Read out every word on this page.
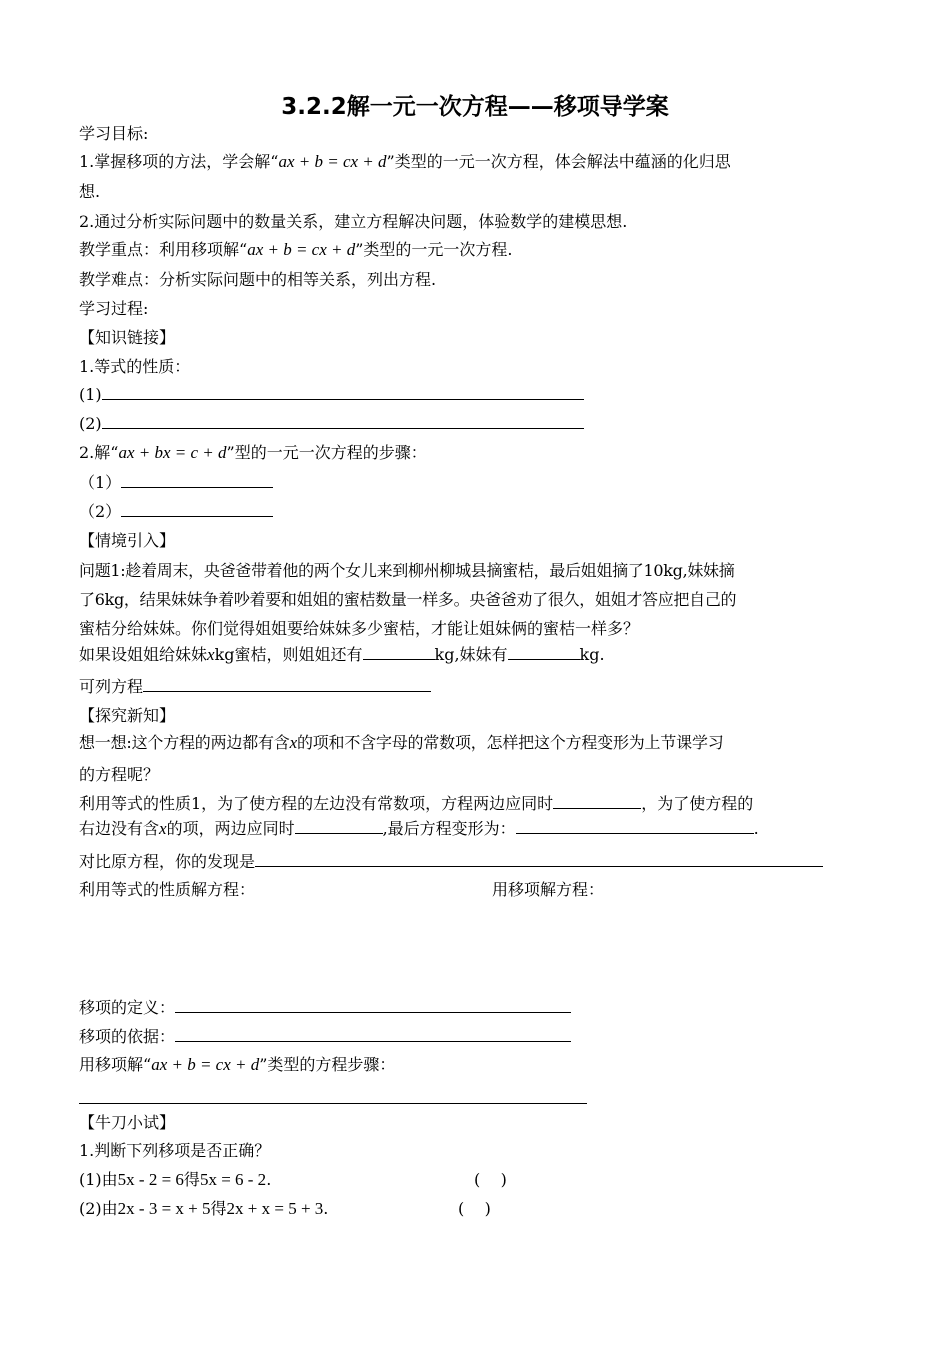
3.2.2解一元一次方程——移项导学案
学习目标:
1.掌握移项的方法，学会解“ax + b = cx + d”类型的一元一次方程，体会解法中蕴涵的化归思
想.
2.通过分析实际问题中的数量关系，建立方程解决问题，体验数学的建模思想.
教学重点：利用移项解“ax + b = cx + d”类型的一元一次方程.
教学难点：分析实际问题中的相等关系，列出方程.
学习过程:
【知识链接】
1.等式的性质：
(1)
(2)
2.解“ax + bx = c + d”型的一元一次方程的步骤：
（1）
（2）
【情境引入】
问题1:趁着周末，央爸爸带着他的两个女儿来到柳州柳城县摘蜜桔，最后姐姐摘了10kg,妹妹摘
了6kg，结果妹妹争着吵着要和姐姐的蜜桔数量一样多。央爸爸劝了很久，姐姐才答应把自己的
蜜桔分给妹妹。你们觉得姐姐要给妹妹多少蜜桔，才能让姐妹俩的蜜桔一样多？
如果设姐姐给妹妹xkg蜜桔，则姐姐还有	kg,妹妹有	kg.
可列方程
【探究新知】
想一想:这个方程的两边都有含x的项和不含字母的常数项，怎样把这个方程变形为上节课学习
的方程呢？
利用等式的性质1，为了使方程的左边没有常数项，方程两边应同时	，为了使方程的
右边没有含x的项，两边应同时	,最后方程变形为：	.
对比原方程，你的发现是
利用等式的性质解方程：	用移项解方程：
移项的定义：
移项的依据：
用移项解“ax + b = cx + d”类型的方程步骤：
【牛刀小试】
1.判断下列移项是否正确？
(1)由5x - 2 = 6得5x = 6 - 2.	(    )
(2)由2x - 3 = x + 5得2x + x = 5 + 3.	(    )
